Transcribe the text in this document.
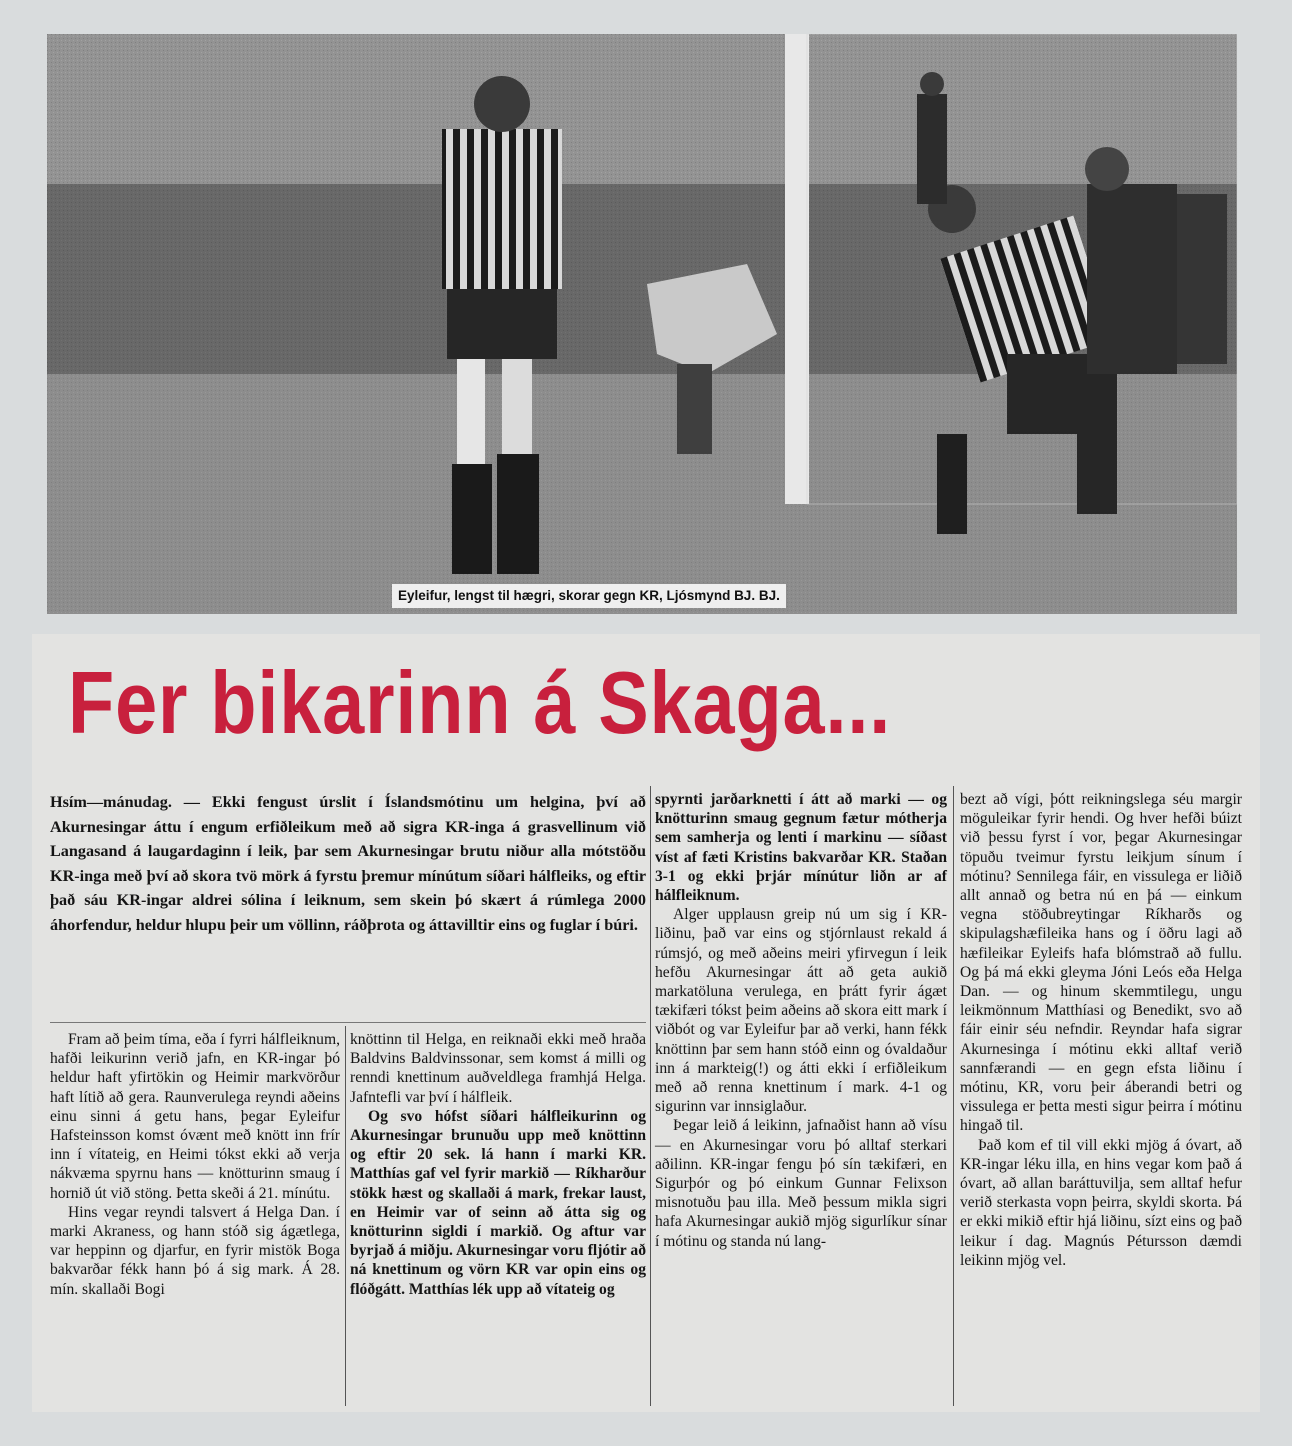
Eyleifur, lengst til hægri, skorar gegn KR, Ljósmynd BJ. BJ.
Fer bikarinn á Skaga...
Hsím—mánudag. — Ekki fengust úrslit í Íslandsmótinu um helgina, því að Akurnesingar áttu í engum erfiðleikum með að sigra KR-inga á grasvellinum við Langasand á laugardaginn í leik, þar sem Akurnesingar brutu niður alla mótstöðu KR-inga með því að skora tvö mörk á fyrstu þremur mínútum síðari hálfleiks, og eftir það sáu KR-ingar aldrei sólina í leiknum, sem skein þó skært á rúmlega 2000 áhorfendur, heldur hlupu þeir um völlinn, ráðþrota og áttavilltir eins og fuglar í búri.

Fram að þeim tíma, eða í fyrri hálfleiknum, hafði leikurinn verið jafn, en KR-ingar þó heldur haft yfirtökin og Heimir markvörður haft lítið að gera. Raunverulega reyndi aðeins einu sinni á getu hans, þegar Eyleifur Hafsteinsson komst óvænt með knött inn frír inn í vítateig, en Heimi tókst ekki að verja nákvæma spyrnu hans — knötturinn smaug í hornið út við stöng. Þetta skeði á 21. mínútu.

Hins vegar reyndi talsvert á Helga Dan. í marki Akraness, og hann stóð sig ágætlega, var heppinn og djarfur, en fyrir mistök Boga bakvarðar fékk hann þó á sig mark. Á 28. mín. skallaði Bogi

knöttinn til Helga, en reiknaði ekki með hraða Baldvins Baldvinssonar, sem komst á milli og renndi knettinum auðveldlega framhjá Helga. Jafntefli var því í hálfleik.

Og svo hófst síðari hálfleikurinn og Akurnesingar brunuðu upp með knöttinn og eftir 20 sek. lá hann í marki KR. Matthías gaf vel fyrir markið — Ríkharður stökk hæst og skallaði á mark, frekar laust, en Heimir var of seinn að átta sig og knötturinn sigldi í markið. Og aftur var byrjað á miðju. Akurnesingar voru fljótir að ná knettinum og vörn KR var opin eins og flóðgátt. Matthías lék upp að vítateig og

spyrnti jarðarknetti í átt að marki — og knötturinn smaug gegnum fætur mótherja sem samherja og lenti í markinu — síðast víst af fæti Kristins bakvarðar KR. Staðan 3-1 og ekki þrjár mínútur liðn ar af hálfleiknum.

Alger upplausn greip nú um sig í KR-liðinu, það var eins og stjórnlaust rekald á rúmsjó, og með aðeins meiri yfirvegun í leik hefðu Akurnesingar átt að geta aukið markatöluna verulega, en þrátt fyrir ágæt tækifæri tókst þeim aðeins að skora eitt mark í viðbót og var Eyleifur þar að verki, hann fékk knöttinn þar sem hann stóð einn og óvaldaður inn á markteig(!) og átti ekki í erfiðleikum með að renna knettinum í mark. 4-1 og sigurinn var innsiglaður.

Þegar leið á leikinn, jafnaðist hann að vísu — en Akurnesingar voru þó alltaf sterkari aðilinn. KR-ingar fengu þó sín tækifæri, en Sigurþór og þó einkum Gunnar Felixson misnotuðu þau illa. Með þessum mikla sigri hafa Akurnesingar aukið mjög sigurlíkur sínar í mótinu og standa nú lang-

bezt að vígi, þótt reikningslega séu margir möguleikar fyrir hendi. Og hver hefði búizt við þessu fyrst í vor, þegar Akurnesingar töpuðu tveimur fyrstu leikjum sínum í mótinu? Sennilega fáir, en vissulega er liðið allt annað og betra nú en þá — einkum vegna stöðubreytingar Ríkharðs og skipulagshæfileika hans og í öðru lagi að hæfileikar Eyleifs hafa blómstrað að fullu. Og þá má ekki gleyma Jóni Leós eða Helga Dan. — og hinum skemmtilegu, ungu leikmönnum Matthíasi og Benedikt, svo að fáir einir séu nefndir. Reyndar hafa sigrar Akurnesinga í mótinu ekki alltaf verið sannfærandi — en gegn efsta liðinu í mótinu, KR, voru þeir áberandi betri og vissulega er þetta mesti sigur þeirra í mótinu hingað til.

Það kom ef til vill ekki mjög á óvart, að KR-ingar léku illa, en hins vegar kom það á óvart, að allan baráttuvilja, sem alltaf hefur verið sterkasta vopn þeirra, skyldi skorta. Þá er ekki mikið eftir hjá liðinu, sízt eins og það leikur í dag. Magnús Pétursson dæmdi leikinn mjög vel.
